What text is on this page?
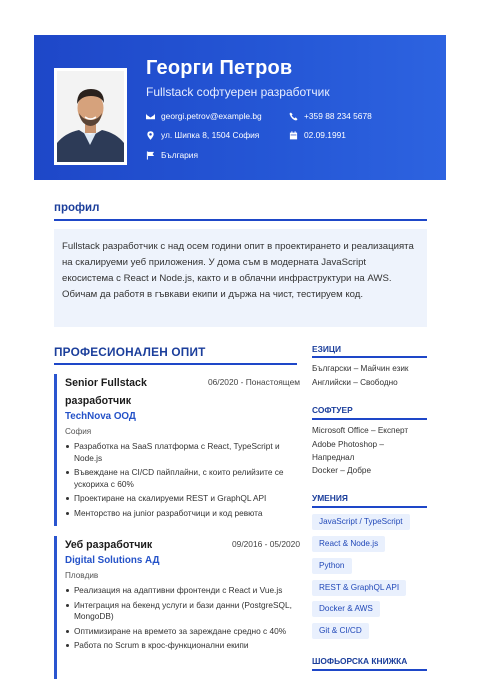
Георги Петров
Fullstack софтуерен разработчик
georgi.petrov@example.bg	+359 88 234 5678
ул. Шипка 8, 1504 София	02.09.1991
България
профил
Fullstack разработчик с над осем години опит в проектирането и реализацията на скалируеми уеб приложения. У дома съм в модерната JavaScript екосистема с React и Node.js, както и в облачни инфраструктури на AWS. Обичам да работя в гъвкави екипи и държа на чист, тестируем код.
ПРОФЕСИОНАЛЕН ОПИТ
Senior Fullstack разработчик
06/2020 - Понастоящем
TechNova ООД
София
Разработка на SaaS платформа с React, TypeScript и Node.js
Въвеждане на CI/CD пайплайни, с които релийзите се ускориха с 60%
Проектиране на скалируеми REST и GraphQL API
Менторство на junior разработчици и код ревюта
Уеб разработчик	09/2016 - 05/2020
Digital Solutions АД
Пловдив
Реализация на адаптивни фронтенди с React и Vue.js
Интеграция на бекенд услуги и бази данни (PostgreSQL, MongoDB)
Оптимизиране на времето за зареждане средно с 40%
Работа по Scrum в крос-функционални екипи
ЕЗИЦИ
Български – Майчин език
Английски – Свободно
СОФТУЕР
Microsoft Office – Експерт
Adobe Photoshop – Напреднал
Docker – Добре
УМЕНИЯ
JavaScript / TypeScript
React & Node.js
Python
REST & GraphQL API
Docker & AWS
Git & CI/CD
ШОФЬОРСКА КНИЖКА
